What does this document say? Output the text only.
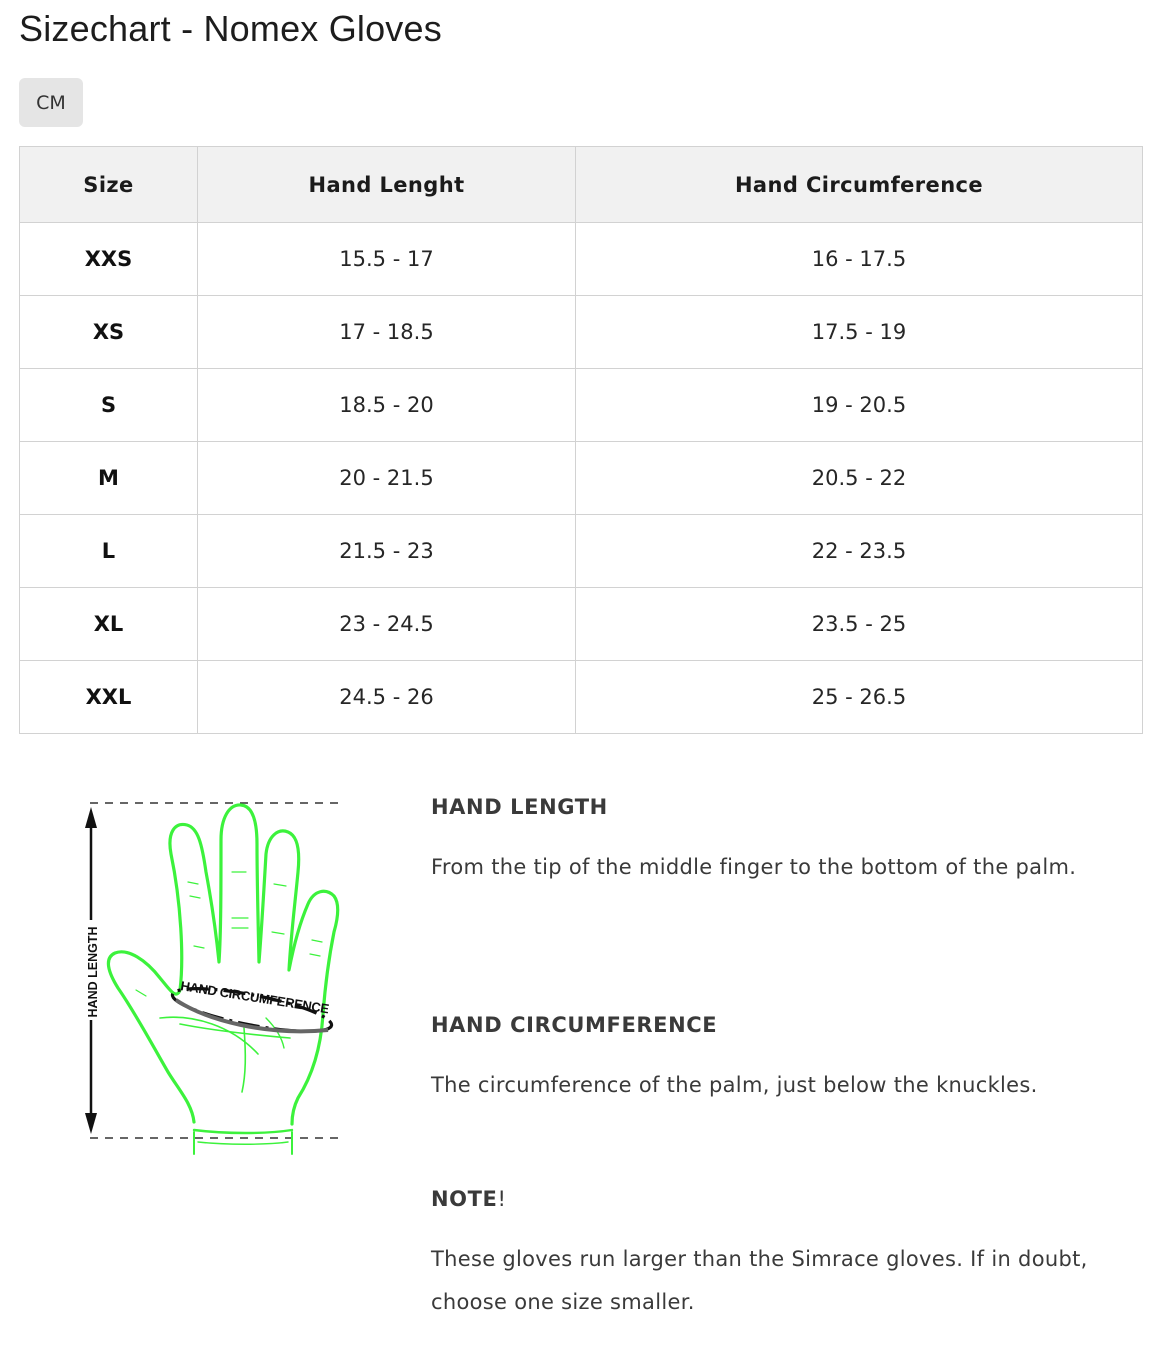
Sizechart - Nomex Gloves
CM
Size	Hand Lenght	Hand Circumference
XXS	15.5 - 17	16 - 17.5
XS	17 - 18.5	17.5 - 19
S	18.5 - 20	19 - 20.5
M	20 - 21.5	20.5 - 22
L	21.5 - 23	22 - 23.5
XL	23 - 24.5	23.5 - 25
XXL	24.5 - 26	25 - 26.5
HAND LENGTH	HAND CIRCUMFERENCE
HAND LENGTH

From the tip of the middle finger to the bottom of the palm.

HAND CIRCUMFERENCE

The circumference of the palm, just below the knuckles.

NOTE!

These gloves run larger than the Simrace gloves. If in doubt, choose one size smaller.
